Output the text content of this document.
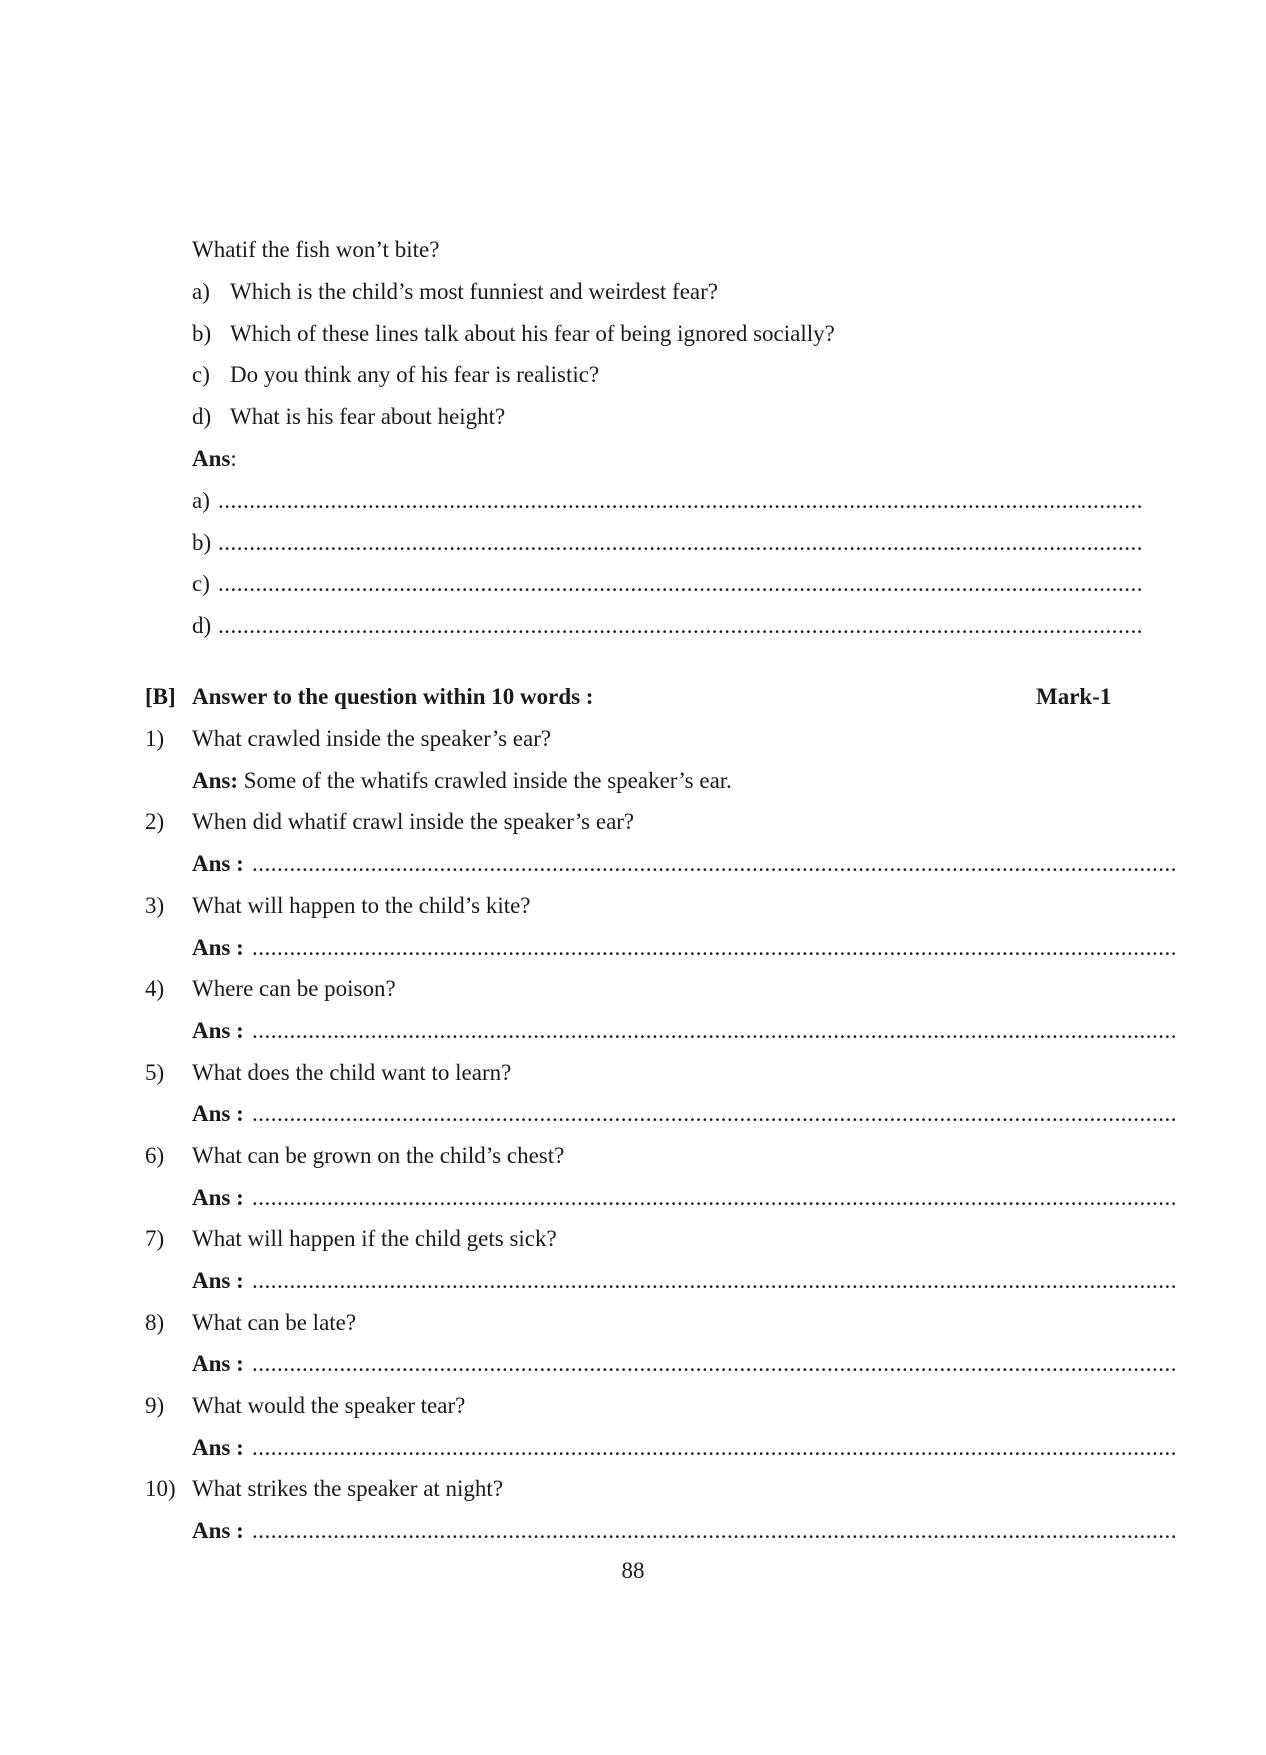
Whatif the fish won’t bite?
a) Which is the child’s most funniest and weirdest fear?
b) Which of these lines talk about his fear of being ignored socially?
c) Do you think any of his fear is realistic?
d) What is his fear about height?
Ans:
a) ....................................................................................................................................................
b) ....................................................................................................................................................
c) ....................................................................................................................................................
d) ....................................................................................................................................................
[B] Answer to the question within 10 words :	Mark-1
1) What crawled inside the speaker’s ear?
Ans: Some of the whatifs crawled inside the speaker’s ear.
2) When did whatif crawl inside the speaker’s ear?
Ans : ....................................................................................................................................................
3) What will happen to the child’s kite?
Ans : ....................................................................................................................................................
4) Where can be poison?
Ans : ....................................................................................................................................................
5) What does the child want to learn?
Ans : ....................................................................................................................................................
6) What can be grown on the child’s chest?
Ans : ....................................................................................................................................................
7) What will happen if the child gets sick?
Ans : ....................................................................................................................................................
8) What can be late?
Ans : ....................................................................................................................................................
9) What would the speaker tear?
Ans : ....................................................................................................................................................
10) What strikes the speaker at night?
Ans : ....................................................................................................................................................
88
